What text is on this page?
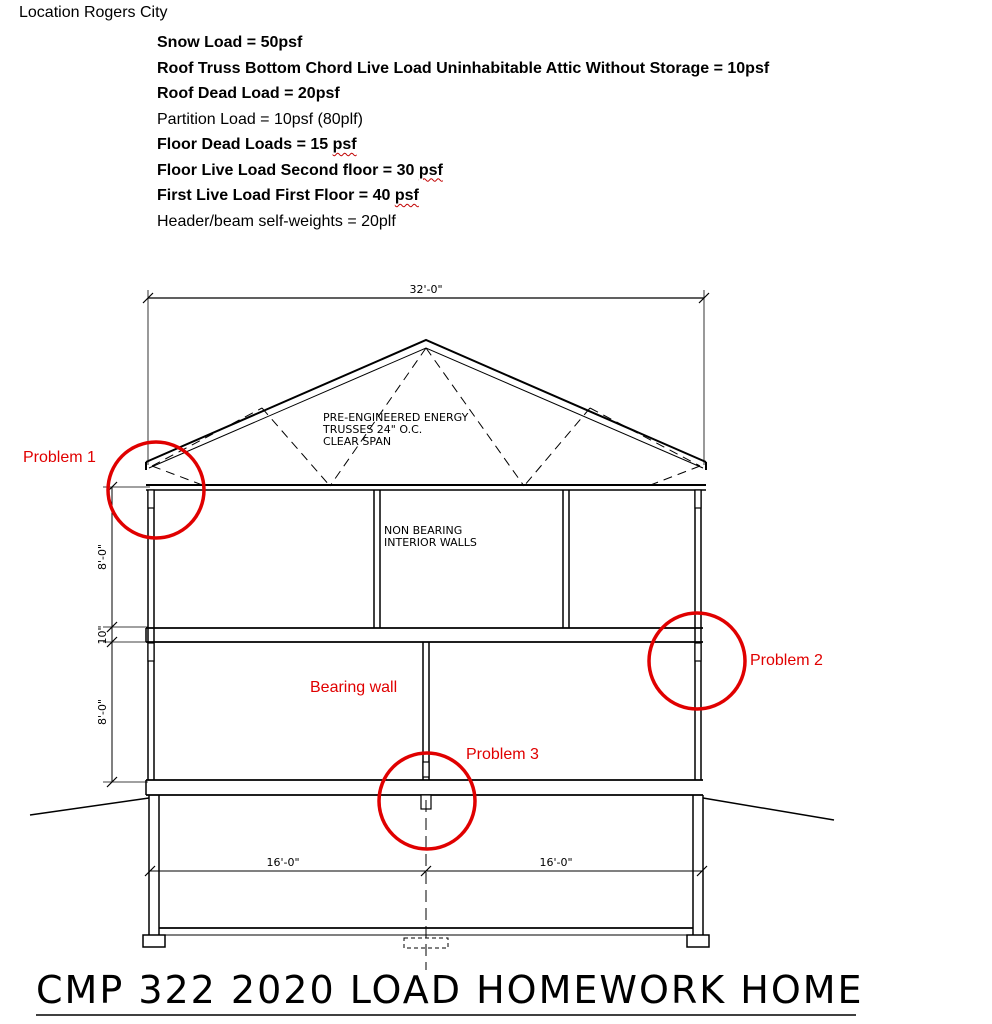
Location Rogers City
Snow Load = 50psf
Roof Truss Bottom Chord Live Load Uninhabitable Attic Without Storage = 10psf
Roof Dead Load = 20psf
Partition Load = 10psf (80plf)
Floor Dead Loads = 15 psf
Floor Live Load Second floor = 30 psf
First Live Load First Floor = 40 psf
Header/beam self-weights = 20plf
32'-0"
PRE-ENGINEERED ENERGY
TRUSSES 24" O.C.
CLEAR SPAN
NON BEARING
INTERIOR WALLS
8'-0"
10"
8'-0"
16'-0"	16'-0"
Problem 1
Problem 2
Problem 3
Bearing wall
CMP 322 2020 LOAD HOMEWORK HOME
